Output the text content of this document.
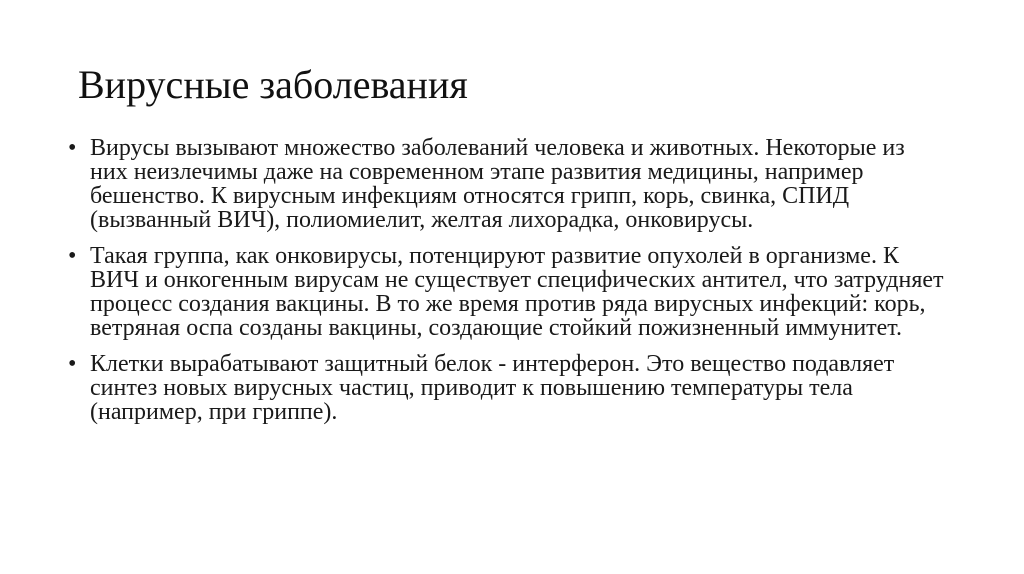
Вирусные заболевания
• Вирусы вызывают множество заболеваний человека и животных. Некоторые из них неизлечимы даже на современном этапе развития медицины, например бешенство. К вирусным инфекциям относятся грипп, корь, свинка, СПИД (вызванный ВИЧ), полиомиелит, желтая лихорадка, онковирусы.
• Такая группа, как онковирусы, потенцируют развитие опухолей в организме. К ВИЧ и онкогенным вирусам не существует специфических антител, что затрудняет процесс создания вакцины. В то же время против ряда вирусных инфекций: корь, ветряная оспа созданы вакцины, создающие стойкий пожизненный иммунитет.
• Клетки вырабатывают защитный белок - интерферон. Это вещество подавляет синтез новых вирусных частиц, приводит к повышению температуры тела (например, при гриппе).
